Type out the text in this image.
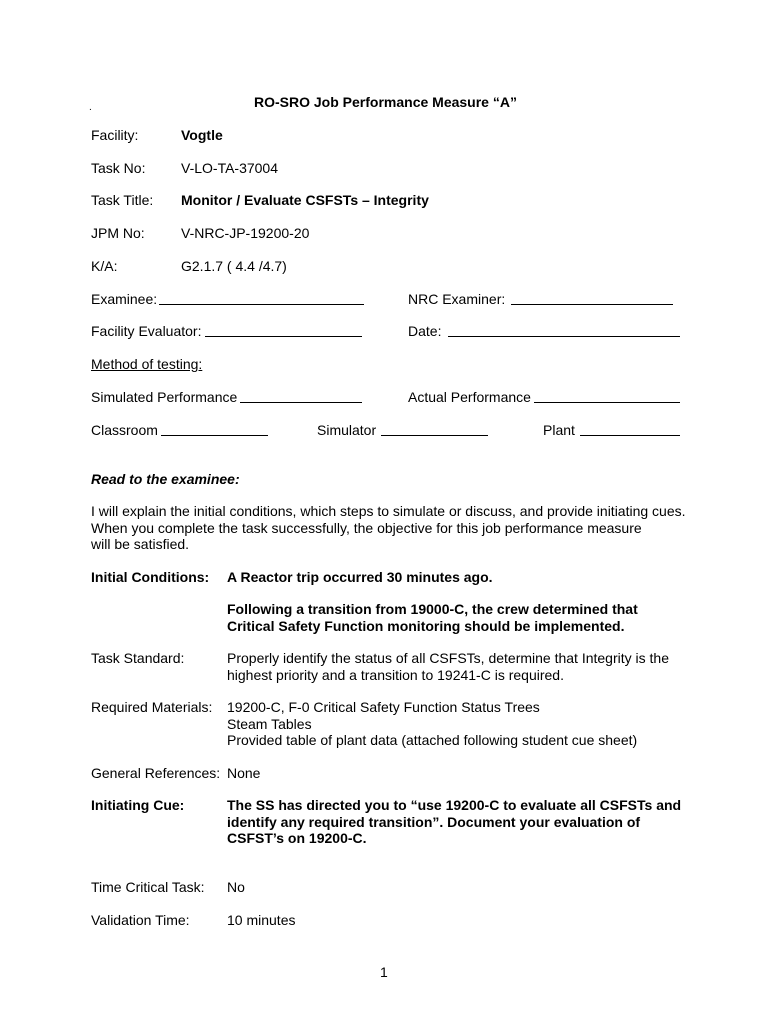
.	RO-SRO Job Performance Measure “A”
Facility:	Vogtle
Task No:	V-LO-TA-37004
Task Title: Monitor / Evaluate CSFSTs – Integrity
JPM No:	V-NRC-JP-19200-20
K/A:	G2.1.7 ( 4.4 /4.7)
Examinee:	NRC Examiner:
Facility Evaluator:	Date:
Method of testing:
Simulated Performance	Actual Performance
Classroom	Simulator	Plant
Read to the examinee:
I will explain the initial conditions, which steps to simulate or discuss, and provide initiating cues.
When you complete the task successfully, the objective for this job performance measure
will be satisfied.
Initial Conditions: A Reactor trip occurred 30 minutes ago.
Following a transition from 19000-C, the crew determined that
Critical Safety Function monitoring should be implemented.
Task Standard:	Properly identify the status of all CSFSTs, determine that Integrity is the
highest priority and a transition to 19241-C is required.
Required Materials: 19200-C, F-0 Critical Safety Function Status Trees
Steam Tables
Provided table of plant data (attached following student cue sheet)
General References: None
Initiating Cue:	The SS has directed you to “use 19200-C to evaluate all CSFSTs and
identify any required transition”. Document your evaluation of
CSFST’s on 19200-C.
Time Critical Task: No
Validation Time:	10 minutes
1
